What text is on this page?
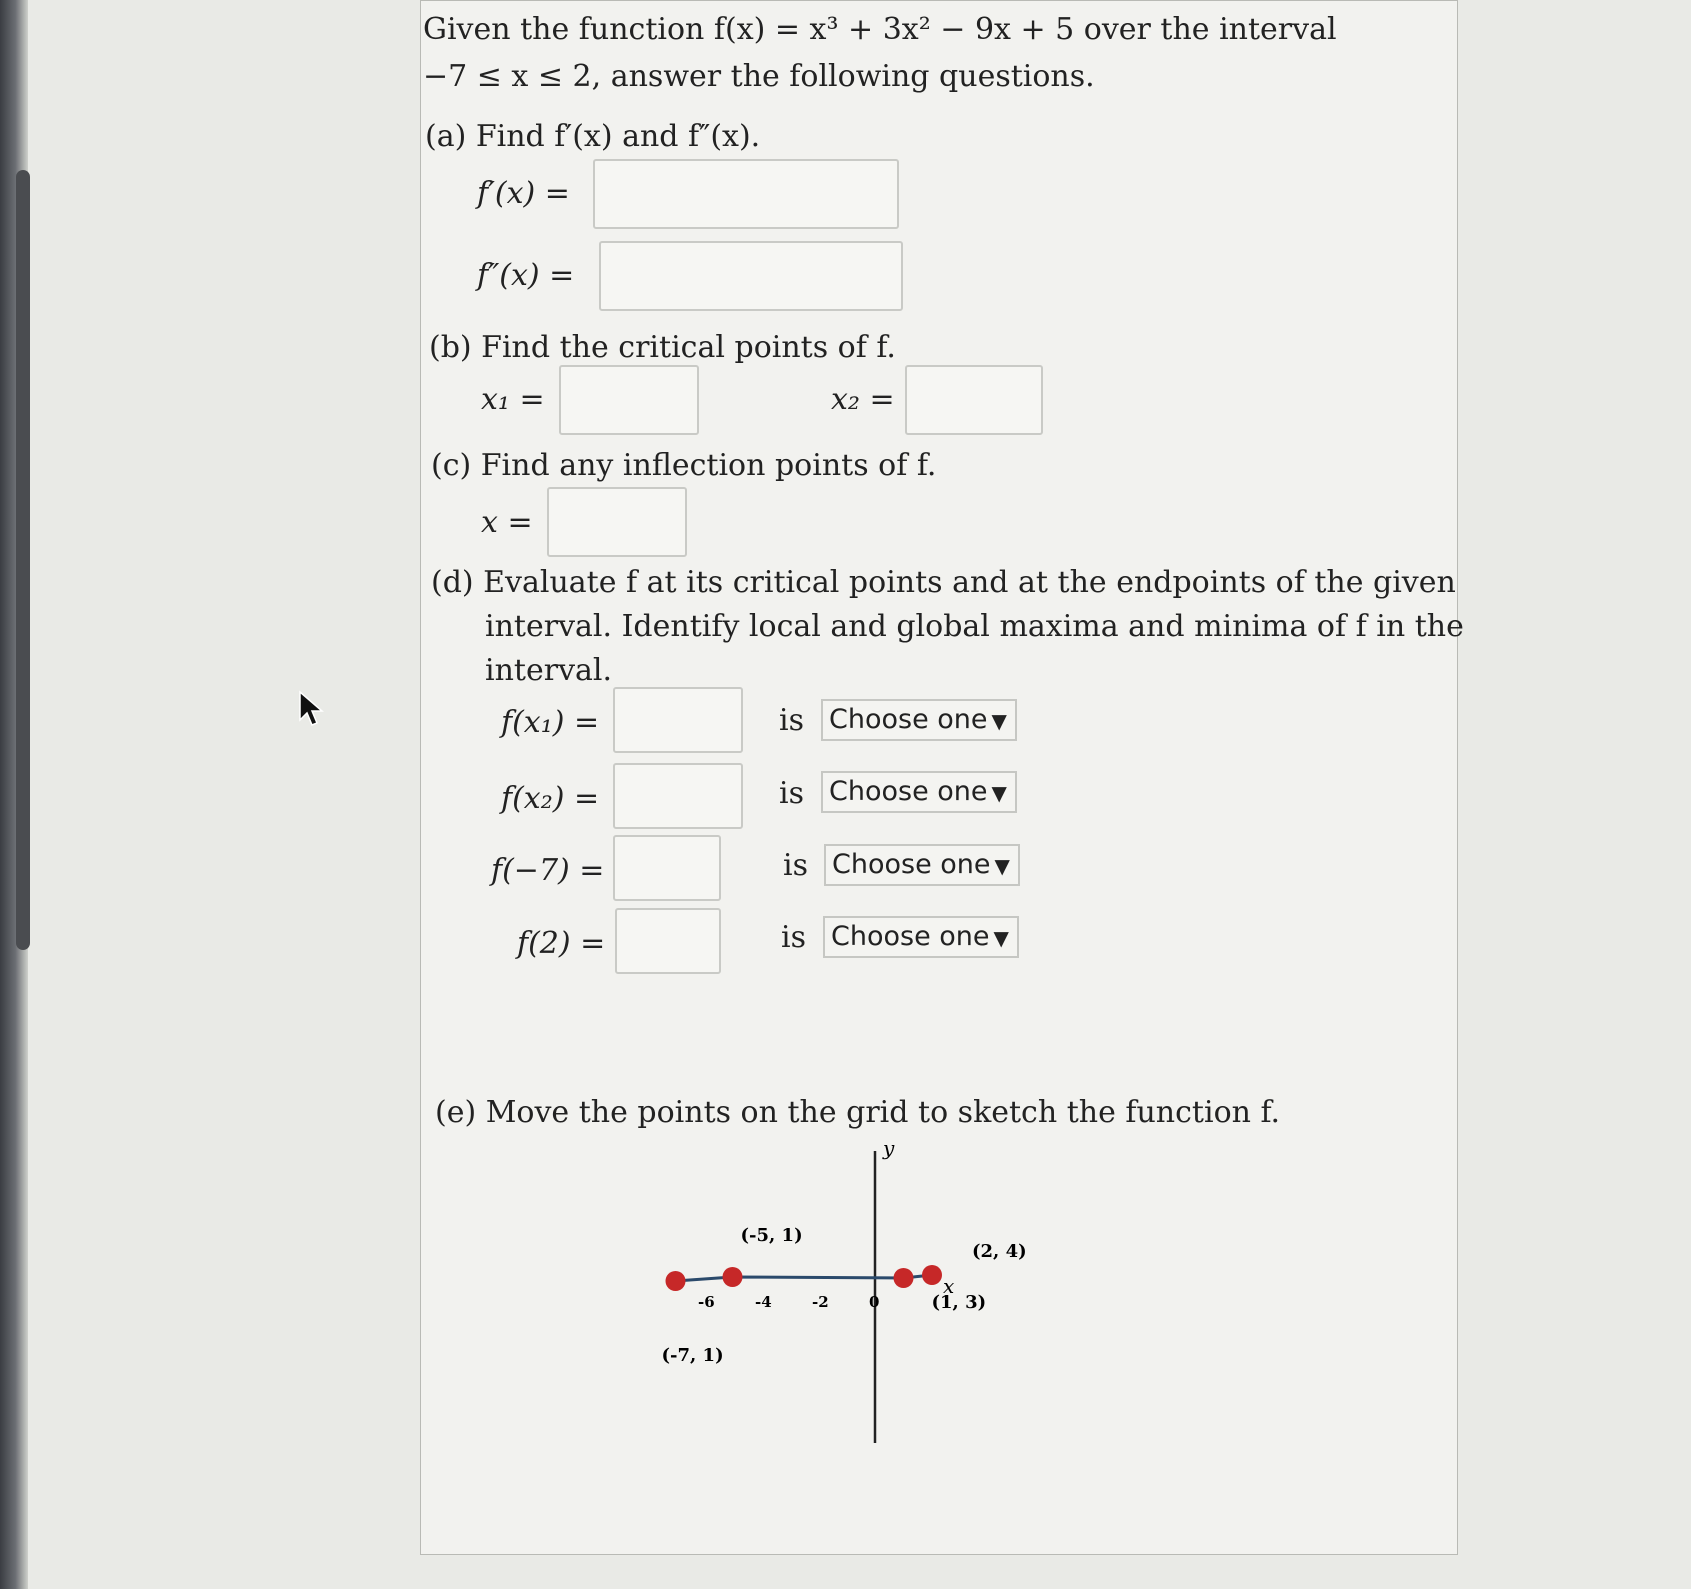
Given the function f(x) = x³ + 3x² − 9x + 5 over the interval
−7 ≤ x ≤ 2, answer the following questions.
(a) Find f′(x) and f″(x).
f′(x) =
f″(x) =
(b) Find the critical points of f.
x₁ =	x₂ =
(c) Find any inflection points of f.
x =
(d) Evaluate f at its critical points and at the endpoints of the given
interval. Identify local and global maxima and minima of f in the
interval.
f(x₁) =	is Choose one ▼
f(x₂) =	is Choose one ▼
f(−7) =	is Choose one ▼
f(2) =	is Choose one ▼
(e) Move the points on the grid to sketch the function f.
y
x
-6	-4	-2	0
(-7, 1)
(-5, 1)
(1, 3)
(2, 4)
